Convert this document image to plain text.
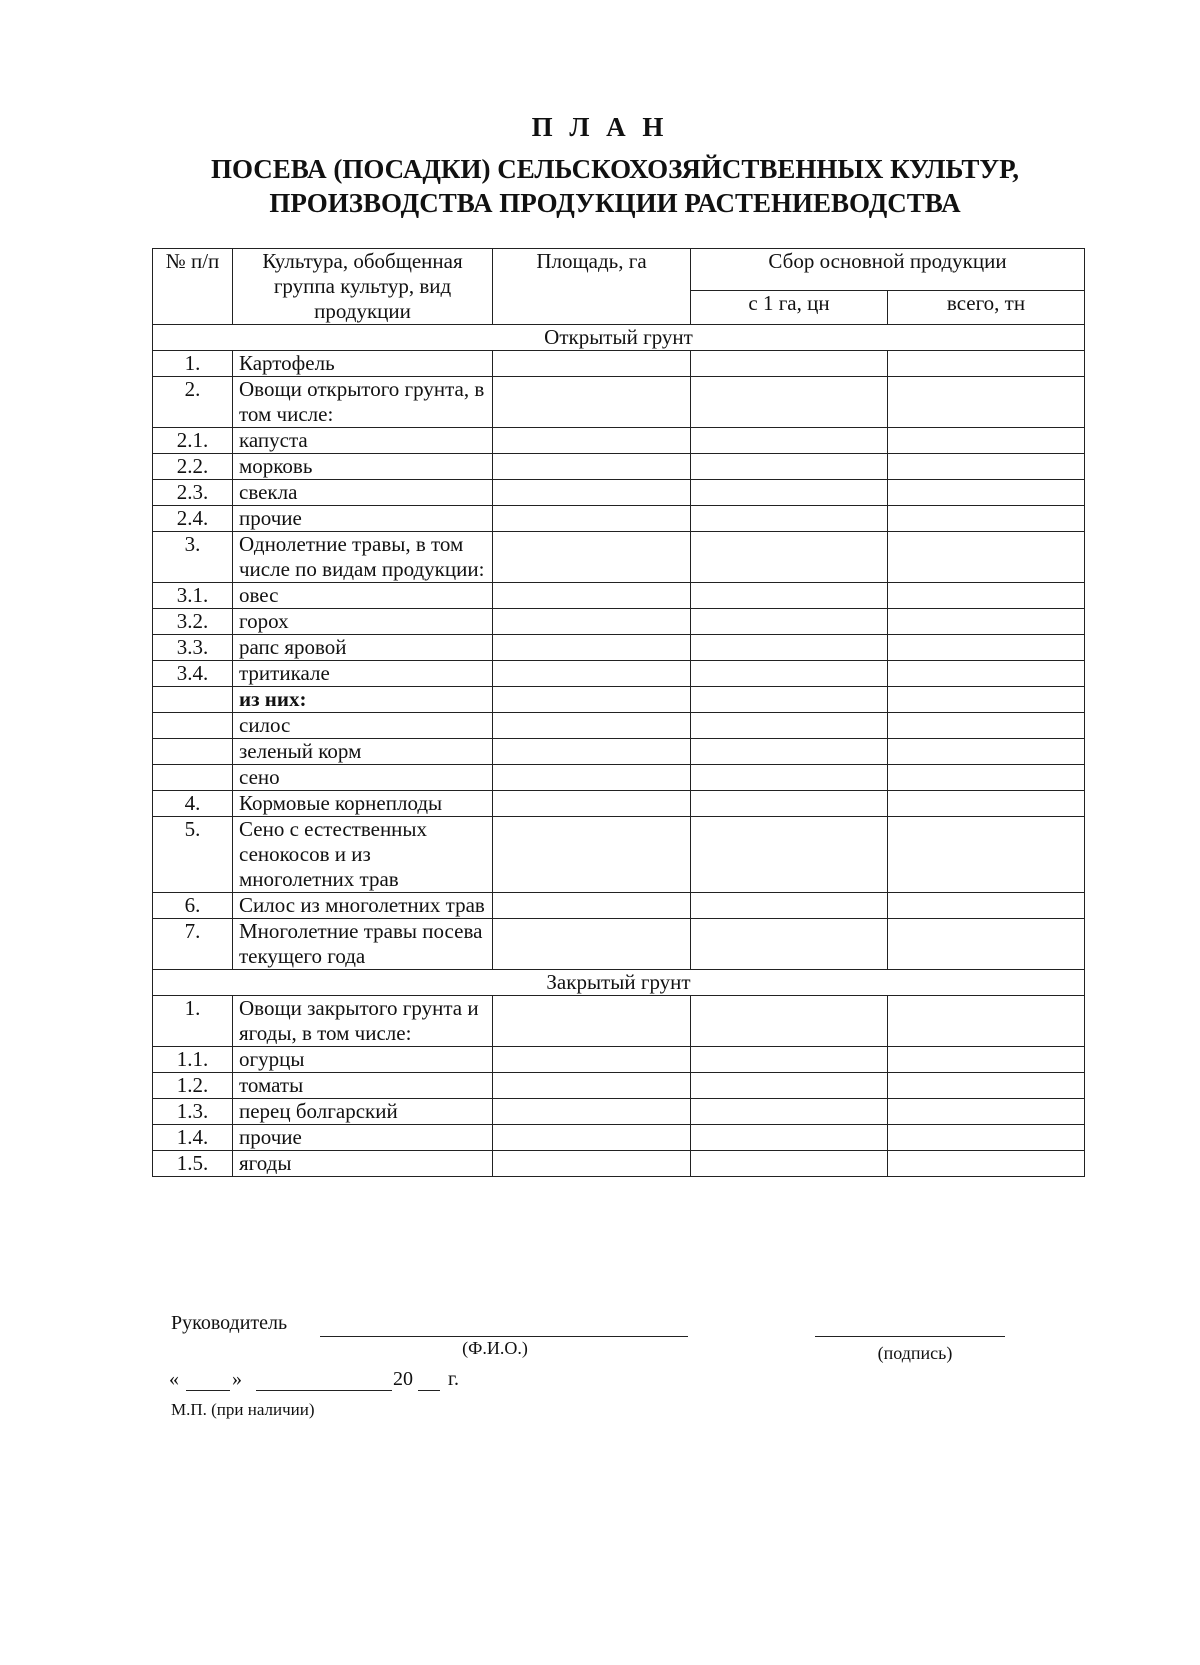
П Л А Н
ПОСЕВА (ПОСАДКИ) СЕЛЬСКОХОЗЯЙСТВЕННЫХ КУЛЬТУР, ПРОИЗВОДСТВА ПРОДУКЦИИ РАСТЕНИЕВОДСТВА
№ п/п	Культура, обобщенная группа культур, вид продукции	Площадь, га	Сбор основной продукции	
			с 1 га, цн	всего, тн
Открытый грунт				
1.	Картофель			
2.	Овощи открытого грунта, в том числе:			
2.1.	капуста			
2.2.	морковь			
2.3.	свекла			
2.4.	прочие			
3.	Однолетние травы, в том числе по видам продукции:			
3.1.	овес			
3.2.	горох			
3.3.	рапс яровой			
3.4.	тритикале			
	из них:			
	силос			
	зеленый корм			
	сено			
4.	Кормовые корнеплоды			
5.	Сено с естественных сенокосов и из многолетних трав			
6.	Силос из многолетних трав			
7.	Многолетние травы посева текущего года			
Закрытый грунт				
1.	Овощи закрытого грунта и ягоды, в том числе:			
1.1.	огурцы			
1.2.	томаты			
1.3.	перец болгарский			
1.4.	прочие			
1.5.	ягоды			
Руководитель
(Ф.И.О.)	(подпись)
«	»	20 г.
М.П. (при наличии)
